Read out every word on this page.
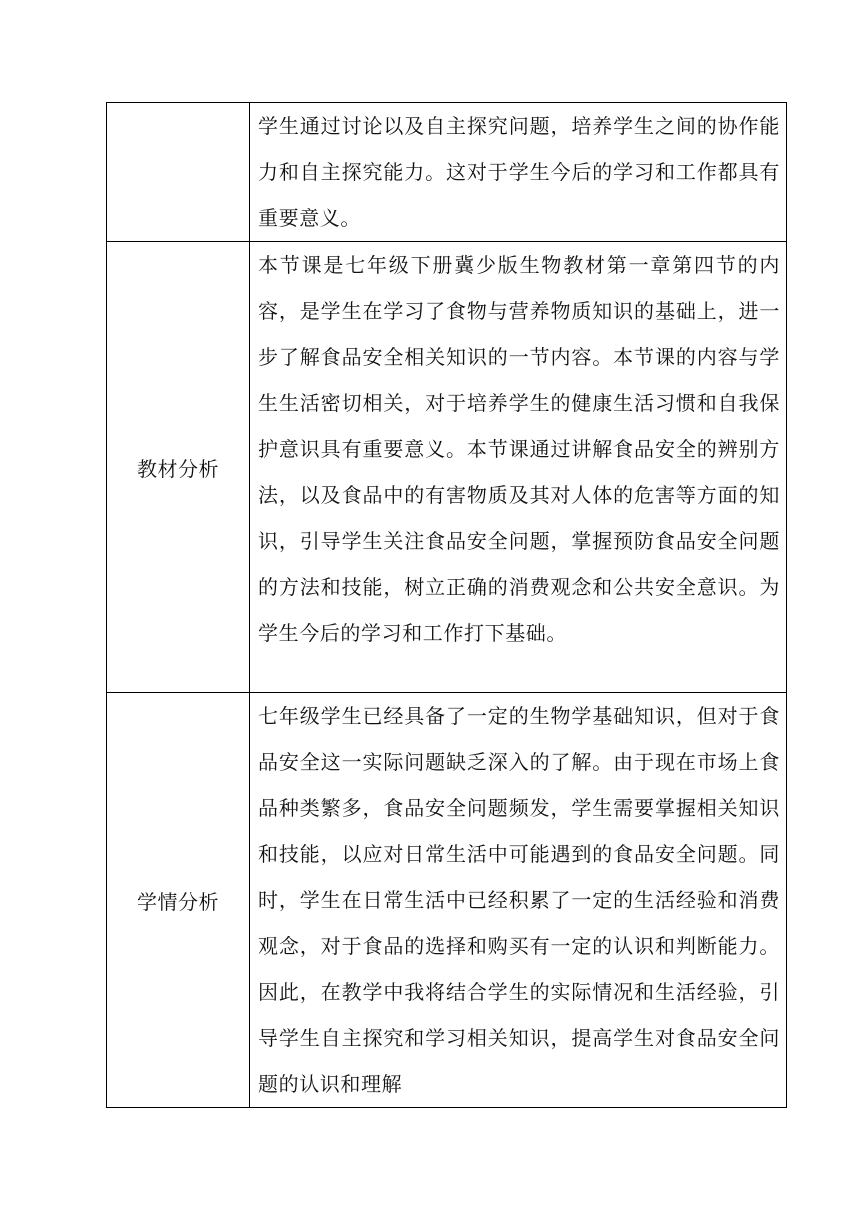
	学生通过讨论以及自主探究问题，培养学生之间的协作能力和自主探究能力。这对于学生今后的学习和工作都具有重要意义。

教材分析	本节课是七年级下册冀少版生物教材第一章第四节的内容，是学生在学习了食物与营养物质知识的基础上，进一步了解食品安全相关知识的一节内容。本节课的内容与学生生活密切相关，对于培养学生的健康生活习惯和自我保护意识具有重要意义。本节课通过讲解食品安全的辨别方法，以及食品中的有害物质及其对人体的危害等方面的知识，引导学生关注食品安全问题，掌握预防食品安全问题的方法和技能，树立正确的消费观念和公共安全意识。为学生今后的学习和工作打下基础。

学情分析	七年级学生已经具备了一定的生物学基础知识，但对于食品安全这一实际问题缺乏深入的了解。由于现在市场上食品种类繁多，食品安全问题频发，学生需要掌握相关知识和技能，以应对日常生活中可能遇到的食品安全问题。同时，学生在日常生活中已经积累了一定的生活经验和消费观念，对于食品的选择和购买有一定的认识和判断能力。因此，在教学中我将结合学生的实际情况和生活经验，引导学生自主探究和学习相关知识，提高学生对食品安全问题的认识和理解
